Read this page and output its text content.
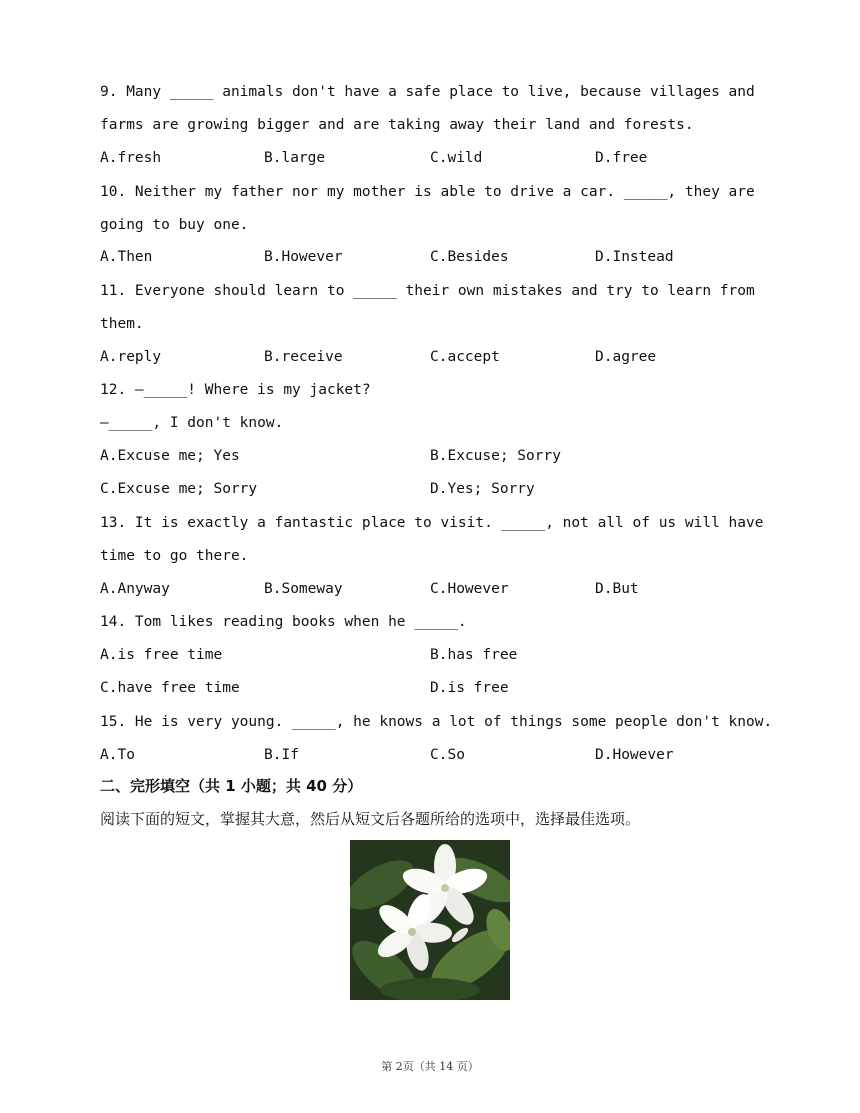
9. Many _____ animals don't have a safe place to live, because villages and
farms are growing bigger and are taking away their land and forests.
A.fresh	B.large	C.wild	D.free
10. Neither my father nor my mother is able to drive a car. _____, they are
going to buy one.
A.Then	B.However	C.Besides	D.Instead
11. Everyone should learn to _____ their own mistakes and try to learn from
them.
A.reply	B.receive	C.accept	D.agree
12. —_____! Where is my jacket?
—_____, I don't know.
A.Excuse me; Yes	B.Excuse; Sorry
C.Excuse me; Sorry	D.Yes; Sorry
13. It is exactly a fantastic place to visit. _____, not all of us will have
time to go there.
A.Anyway	B.Someway	C.However	D.But
14. Tom likes reading books when he _____.
A.is free time	B.has free
C.have free time	D.is free
15. He is very young. _____, he knows a lot of things some people don't know.
A.To	B.If	C.So	D.However
二、完形填空（共 1 小题；共 40 分）
阅读下面的短文，掌握其大意，然后从短文后各题所给的选项中，选择最佳选项。
第 2页（共 14 页）
